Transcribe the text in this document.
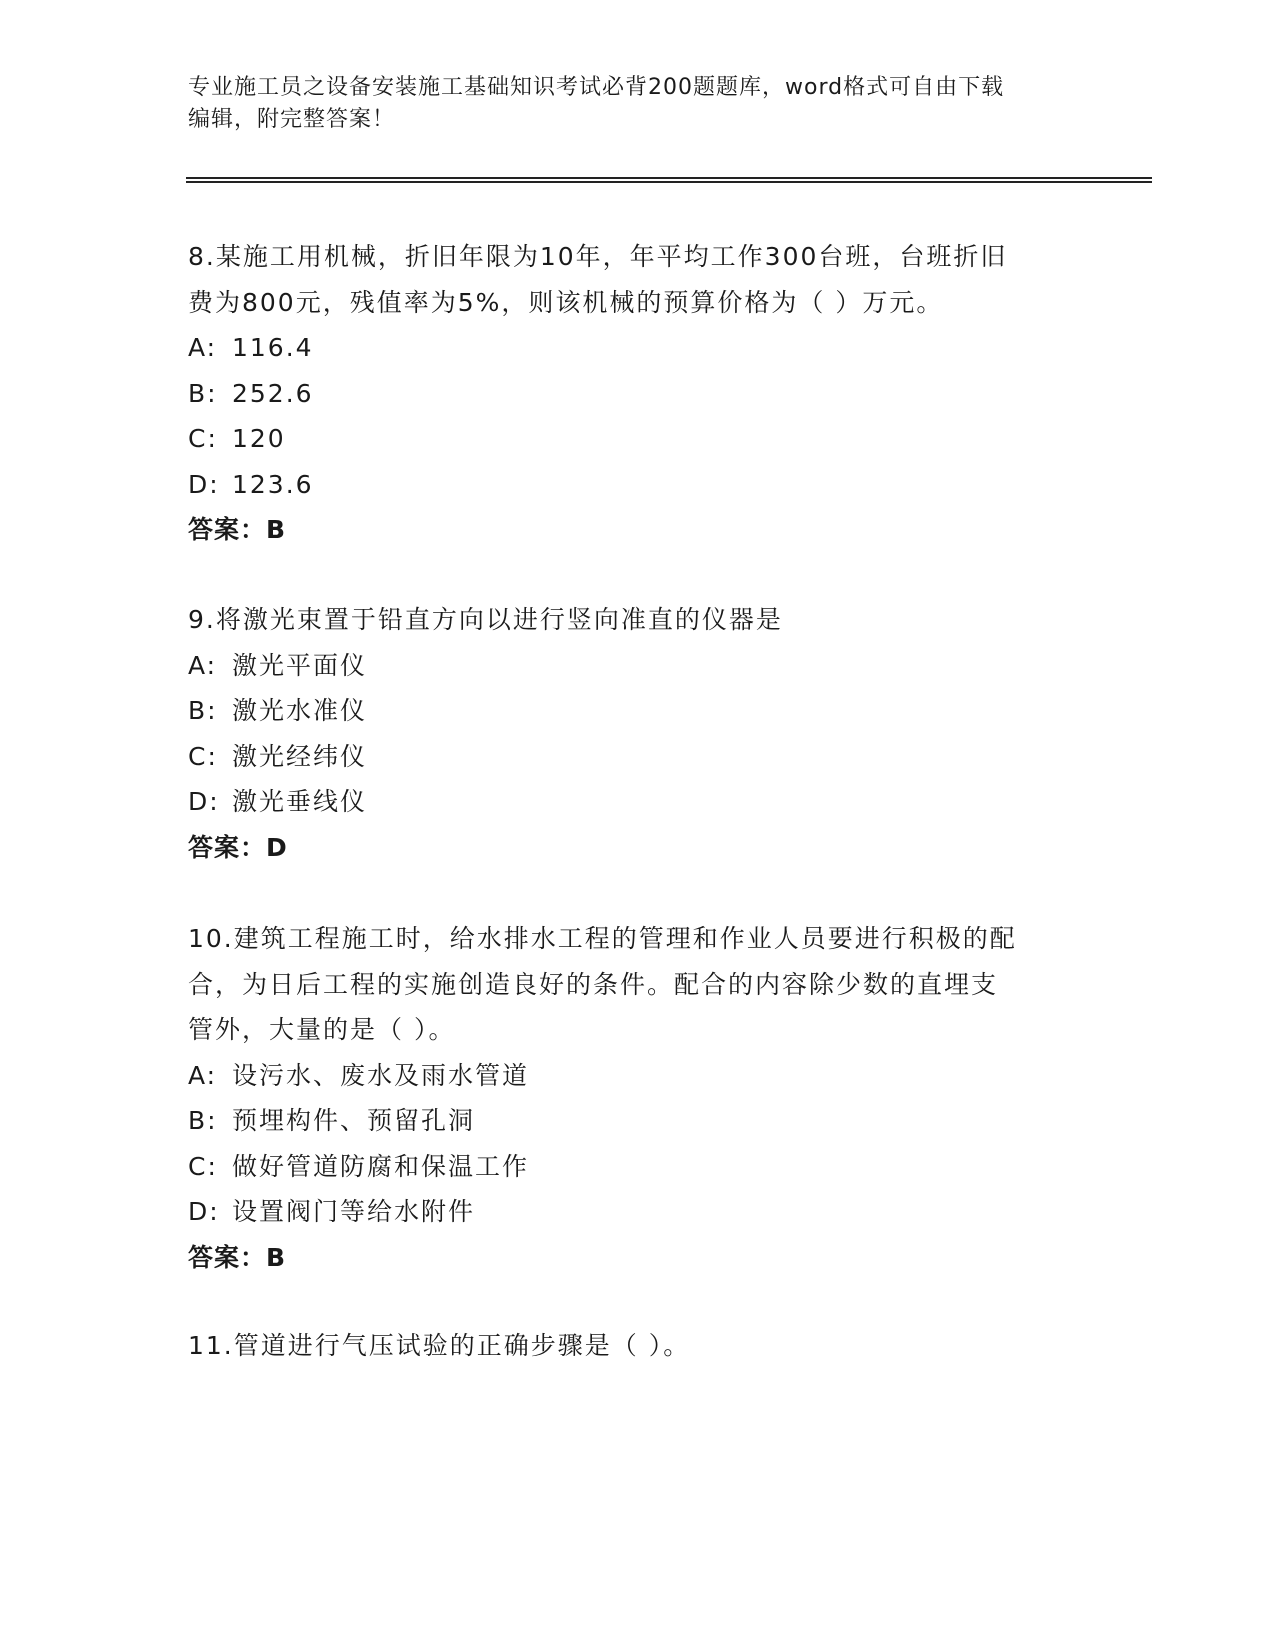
专业施工员之设备安装施工基础知识考试必背200题题库，word格式可自由下载
编辑，附完整答案！

8.某施工用机械，折旧年限为10年，年平均工作300台班，台班折旧

费为800元，残值率为5%，则该机械的预算价格为（ ）万元。

A: 116.4

B: 252.6

C: 120

D: 123.6

答案：B

9.将激光束置于铅直方向以进行竖向准直的仪器是

A: 激光平面仪

B: 激光水准仪

C: 激光经纬仪

D: 激光垂线仪

答案：D

10.建筑工程施工时，给水排水工程的管理和作业人员要进行积极的配

合，为日后工程的实施创造良好的条件。配合的内容除少数的直埋支

管外，大量的是（ ）。

A: 设污水、废水及雨水管道

B: 预埋构件、预留孔洞

C: 做好管道防腐和保温工作

D: 设置阀门等给水附件

答案：B

11.管道进行气压试验的正确步骤是（ ）。
